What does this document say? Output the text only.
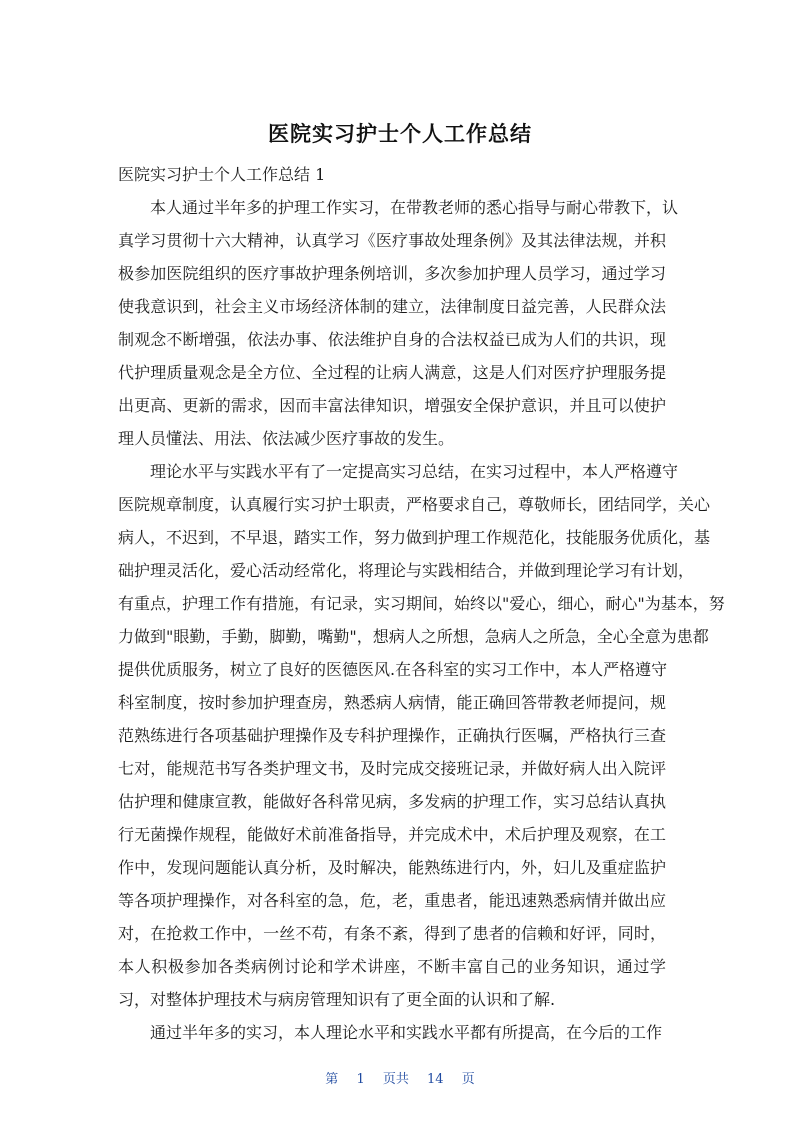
医院实习护士个人工作总结
医院实习护士个人工作总结 1
本人通过半年多的护理工作实习，在带教老师的悉心指导与耐心带教下，认
真学习贯彻十六大精神，认真学习《医疗事故处理条例》及其法律法规，并积
极参加医院组织的医疗事故护理条例培训，多次参加护理人员学习，通过学习
使我意识到，社会主义市场经济体制的建立，法律制度日益完善，人民群众法
制观念不断增强，依法办事、依法维护自身的合法权益已成为人们的共识，现
代护理质量观念是全方位、全过程的让病人满意，这是人们对医疗护理服务提
出更高、更新的需求，因而丰富法律知识，增强安全保护意识，并且可以使护
理人员懂法、用法、依法减少医疗事故的发生。
理论水平与实践水平有了一定提高实习总结，在实习过程中，本人严格遵守
医院规章制度，认真履行实习护士职责，严格要求自己，尊敬师长，团结同学，关心
病人，不迟到，不早退，踏实工作，努力做到护理工作规范化，技能服务优质化，基
础护理灵活化，爱心活动经常化，将理论与实践相结合，并做到理论学习有计划，
有重点，护理工作有措施，有记录，实习期间，始终以"爱心，细心，耐心"为基本，努
力做到"眼勤，手勤，脚勤，嘴勤"，想病人之所想，急病人之所急，全心全意为患都
提供优质服务，树立了良好的医德医风.在各科室的实习工作中，本人严格遵守
科室制度，按时参加护理查房，熟悉病人病情，能正确回答带教老师提问，规
范熟练进行各项基础护理操作及专科护理操作，正确执行医嘱，严格执行三查
七对，能规范书写各类护理文书，及时完成交接班记录，并做好病人出入院评
估护理和健康宣教，能做好各科常见病，多发病的护理工作，实习总结认真执
行无菌操作规程，能做好术前准备指导，并完成术中，术后护理及观察，在工
作中，发现问题能认真分析，及时解决，能熟练进行内，外，妇儿及重症监护
等各项护理操作，对各科室的急，危，老，重患者，能迅速熟悉病情并做出应
对，在抢救工作中，一丝不苟，有条不紊，得到了患者的信赖和好评，同时，
本人积极参加各类病例讨论和学术讲座，不断丰富自己的业务知识，通过学
习，对整体护理技术与病房管理知识有了更全面的认识和了解.
通过半年多的实习，本人理论水平和实践水平都有所提高，在今后的工作
第 1 页共 14 页
